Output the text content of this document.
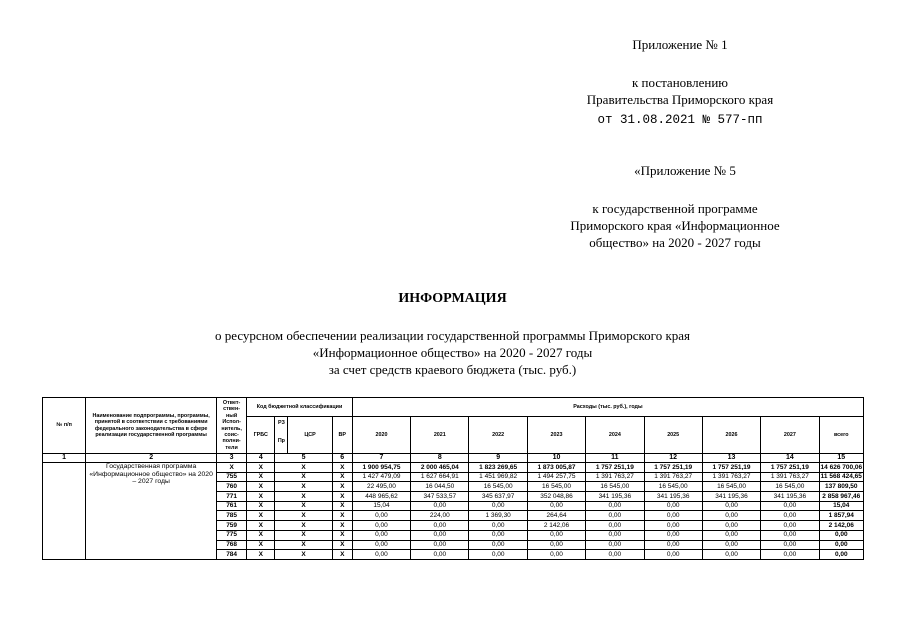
Приложение № 1
к постановлению
Правительства Приморского края
от 31.08.2021 № 577-пп
«Приложение № 5
к государственной программе
Приморского края «Информационное
общество» на 2020 - 2027 годы
ИНФОРМАЦИЯ
о ресурсном обеспечении реализации государственной программы Приморского края
«Информационное общество» на 2020 - 2027 годы
за счет средств краевого бюджета (тыс. руб.)
№ п/п	Наименование подпрограммы, программы, принятой в соответствии с требованиями федерального законодательства в сфере реализации государственной программы	Ответ- ствен- ный Испол- нитель, соис- полни- тели	Код бюджетной классификации				Расходы (тыс. руб.), годы								
			ГРБС	РЗ	ЦСР	ВР	2020	2021	2022	2023	2024	2025	2026	2027	всего
				Пр											
1	2	3	4	5		6	7	8	9	10	11	12	13	14	15
	Государственная программа «Информационное общество» на 2020 – 2027 годы	Х	Х	Х		Х	1 900 954,75	2 000 465,04	1 823 269,65	1 873 005,87	1 757 251,19	1 757 251,19	1 757 251,19	1 757 251,19	14 626 700,06
		755	Х	Х		Х	1 427 479,09	1 627 664,91	1 451 969,82	1 494 257,75	1 391 763,27	1 391 763,27	1 391 763,27	1 391 763,27	11 568 424,65
		760	Х	Х		Х	22 495,00	16 044,50	16 545,00	16 545,00	16 545,00	16 545,00	16 545,00	16 545,00	137 809,50
		771	Х	Х		Х	448 965,62	347 533,57	345 637,97	352 048,86	341 195,36	341 195,36	341 195,36	341 195,36	2 858 967,46
		761	Х	Х		Х	15,04	0,00	0,00	0,00	0,00	0,00	0,00	0,00	15,04
		785	Х	Х		Х	0,00	224,00	1 369,30	264,64	0,00	0,00	0,00	0,00	1 857,94
		759	Х	Х		Х	0,00	0,00	0,00	2 142,06	0,00	0,00	0,00	0,00	2 142,06
		775	Х	Х		Х	0,00	0,00	0,00	0,00	0,00	0,00	0,00	0,00	0,00
		768	Х	Х		Х	0,00	0,00	0,00	0,00	0,00	0,00	0,00	0,00	0,00
		784	Х	Х		Х	0,00	0,00	0,00	0,00	0,00	0,00	0,00	0,00	0,00
